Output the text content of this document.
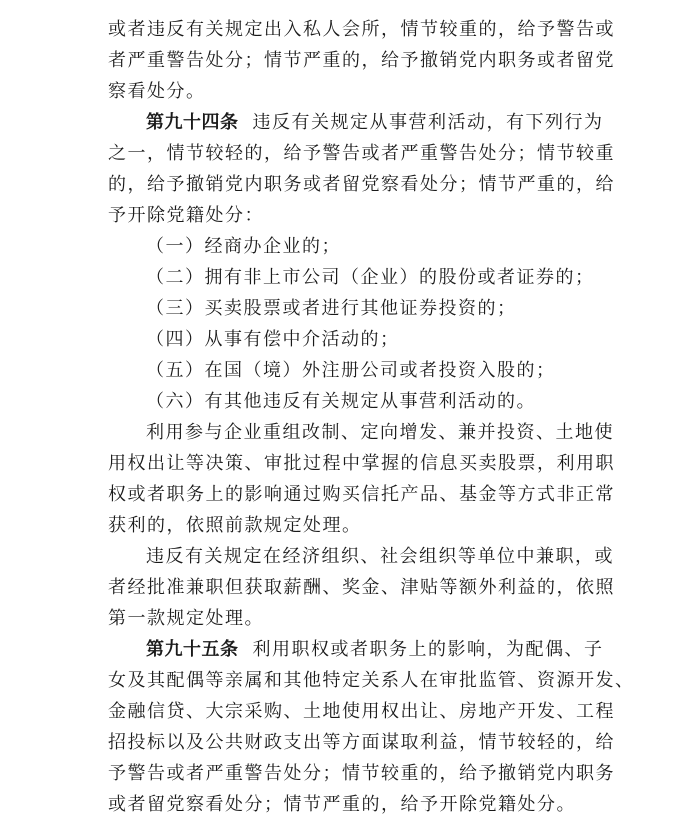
或者违反有关规定出入私人会所，情节较重的，给予警告或
者严重警告处分；情节严重的，给予撤销党内职务或者留党
察看处分。
第九十四条 违反有关规定从事营利活动，有下列行为
之一，情节较轻的，给予警告或者严重警告处分；情节较重
的，给予撤销党内职务或者留党察看处分；情节严重的，给
予开除党籍处分：
（一）经商办企业的；
（二）拥有非上市公司（企业）的股份或者证券的；
（三）买卖股票或者进行其他证券投资的；
（四）从事有偿中介活动的；
（五）在国（境）外注册公司或者投资入股的；
（六）有其他违反有关规定从事营利活动的。
利用参与企业重组改制、定向增发、兼并投资、土地使
用权出让等决策、审批过程中掌握的信息买卖股票，利用职
权或者职务上的影响通过购买信托产品、基金等方式非正常
获利的，依照前款规定处理。
违反有关规定在经济组织、社会组织等单位中兼职，或
者经批准兼职但获取薪酬、奖金、津贴等额外利益的，依照
第一款规定处理。
第九十五条 利用职权或者职务上的影响，为配偶、子
女及其配偶等亲属和其他特定关系人在审批监管、资源开发、
金融信贷、大宗采购、土地使用权出让、房地产开发、工程
招投标以及公共财政支出等方面谋取利益，情节较轻的，给
予警告或者严重警告处分；情节较重的，给予撤销党内职务
或者留党察看处分；情节严重的，给予开除党籍处分。
